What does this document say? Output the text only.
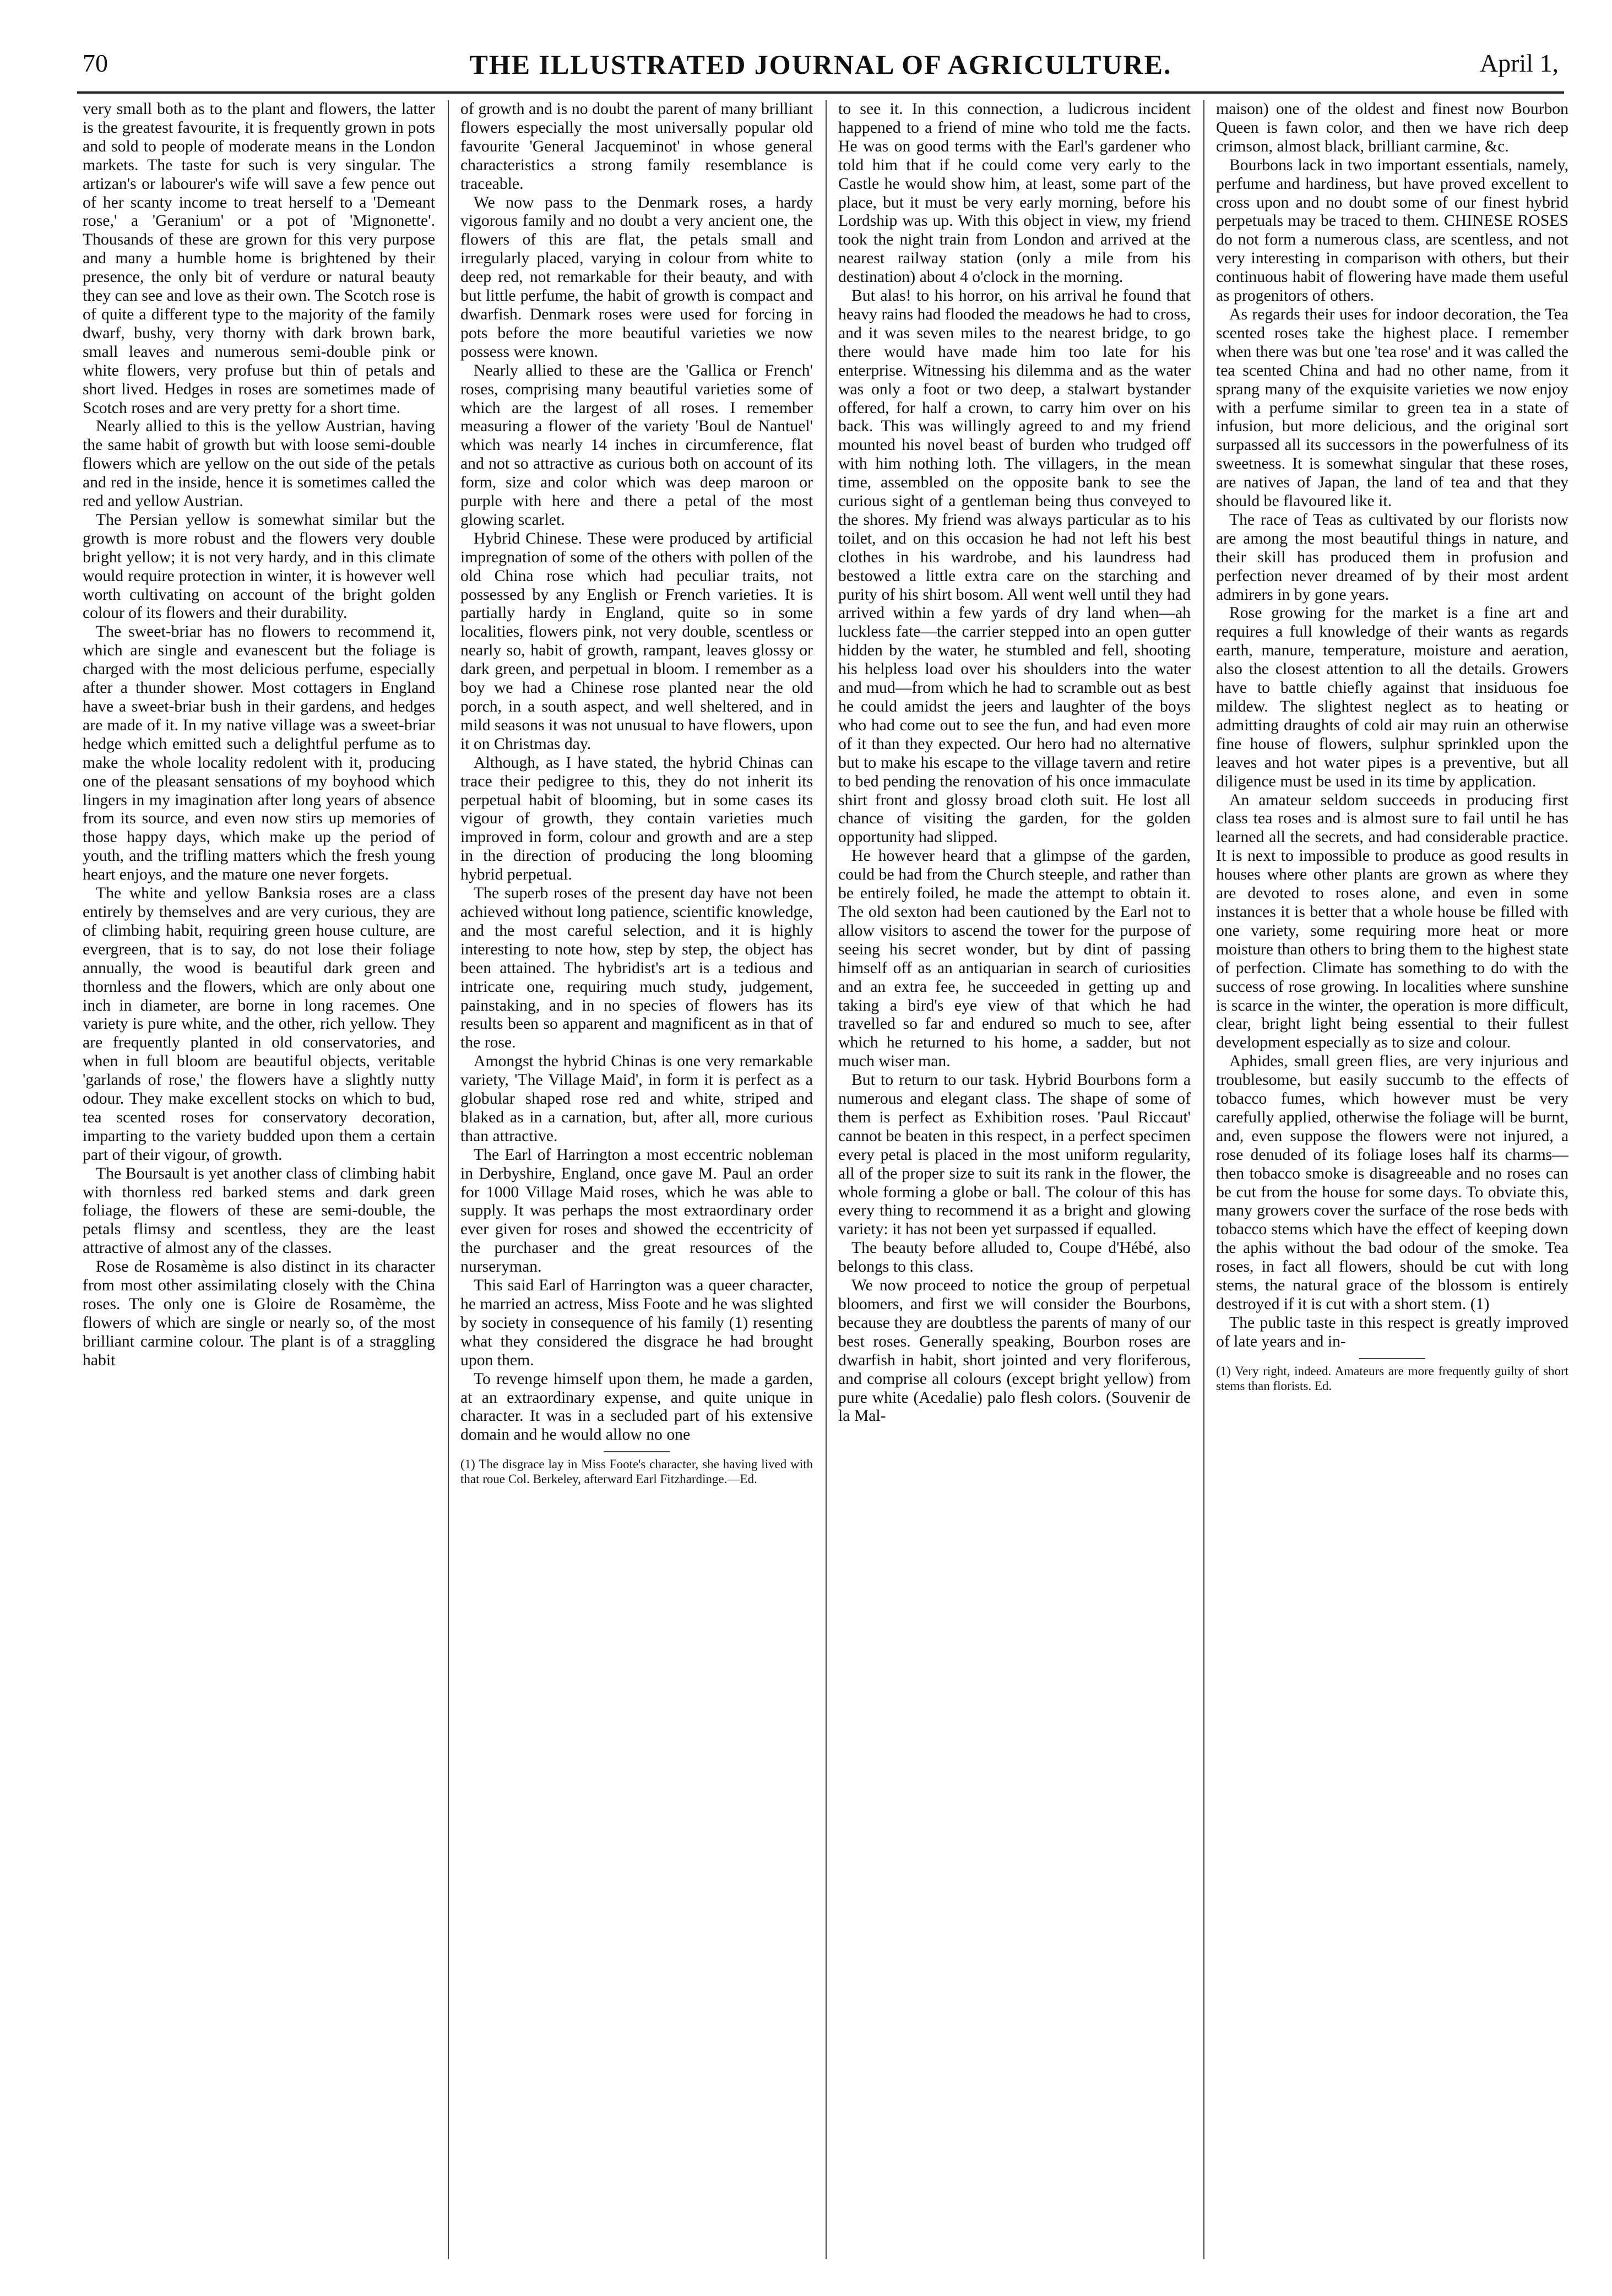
70	THE ILLUSTRATED JOURNAL OF AGRICULTURE.	April 1,

very small both as to the plant and flowers, the latter is the greatest favourite, it is frequently grown in pots and sold to people of moderate means in the London markets. The taste for such is very singular. The artizan's or labourer's wife will save a few pence out of her scanty income to treat herself to a 'Demeant rose,' a 'Geranium' or a pot of 'Mignonette'. Thousands of these are grown for this very purpose and many a humble home is brightened by their presence, the only bit of verdure or natural beauty they can see and love as their own. The Scotch rose is of quite a different type to the majority of the family dwarf, bushy, very thorny with dark brown bark, small leaves and numerous semi-double pink or white flowers, very profuse but thin of petals and short lived. Hedges in roses are sometimes made of Scotch roses and are very pretty for a short time.

Nearly allied to this is the yellow Austrian, having the same habit of growth but with loose semi-double flowers which are yellow on the out side of the petals and red in the inside, hence it is sometimes called the red and yellow Austrian.

The Persian yellow is somewhat similar but the growth is more robust and the flowers very double bright yellow; it is not very hardy, and in this climate would require protection in winter, it is however well worth cultivating on account of the bright golden colour of its flowers and their durability.

The sweet-briar has no flowers to recommend it, which are single and evanescent but the foliage is charged with the most delicious perfume, especially after a thunder shower. Most cottagers in England have a sweet-briar bush in their gardens, and hedges are made of it. In my native village was a sweet-briar hedge which emitted such a delightful perfume as to make the whole locality redolent with it, producing one of the pleasant sensations of my boyhood which lingers in my imagination after long years of absence from its source, and even now stirs up memories of those happy days, which make up the period of youth, and the trifling matters which the fresh young heart enjoys, and the mature one never forgets.

The white and yellow Banksia roses are a class entirely by themselves and are very curious, they are of climbing habit, requiring green house culture, are evergreen, that is to say, do not lose their foliage annually, the wood is beautiful dark green and thornless and the flowers, which are only about one inch in diameter, are borne in long racemes. One variety is pure white, and the other, rich yellow. They are frequently planted in old conservatories, and when in full bloom are beautiful objects, veritable 'garlands of rose,' the flowers have a slightly nutty odour. They make excellent stocks on which to bud, tea scented roses for conservatory decoration, imparting to the variety budded upon them a certain part of their vigour, of growth.

The Boursault is yet another class of climbing habit with thornless red barked stems and dark green foliage, the flowers of these are semi-double, the petals flimsy and scentless, they are the least attractive of almost any of the classes.

Rose de Rosamème is also distinct in its character from most other assimilating closely with the China roses. The only one is Gloire de Rosamème, the flowers of which are single or nearly so, of the most brilliant carmine colour. The plant is of a straggling habit

of growth and is no doubt the parent of many brilliant flowers especially the most universally popular old favourite 'General Jacqueminot' in whose general characteristics a strong family resemblance is traceable.

We now pass to the Denmark roses, a hardy vigorous family and no doubt a very ancient one, the flowers of this are flat, the petals small and irregularly placed, varying in colour from white to deep red, not remarkable for their beauty, and with but little perfume, the habit of growth is compact and dwarfish. Denmark roses were used for forcing in pots before the more beautiful varieties we now possess were known.

Nearly allied to these are the 'Gallica or French' roses, comprising many beautiful varieties some of which are the largest of all roses. I remember measuring a flower of the variety 'Boul de Nantuel' which was nearly 14 inches in circumference, flat and not so attractive as curious both on account of its form, size and color which was deep maroon or purple with here and there a petal of the most glowing scarlet.

Hybrid Chinese. These were produced by artificial impregnation of some of the others with pollen of the old China rose which had peculiar traits, not possessed by any English or French varieties. It is partially hardy in England, quite so in some localities, flowers pink, not very double, scentless or nearly so, habit of growth, rampant, leaves glossy or dark green, and perpetual in bloom. I remember as a boy we had a Chinese rose planted near the old porch, in a south aspect, and well sheltered, and in mild seasons it was not unusual to have flowers, upon it on Christmas day.

Although, as I have stated, the hybrid Chinas can trace their pedigree to this, they do not inherit its perpetual habit of blooming, but in some cases its vigour of growth, they contain varieties much improved in form, colour and growth and are a step in the direction of producing the long blooming hybrid perpetual.

The superb roses of the present day have not been achieved without long patience, scientific knowledge, and the most careful selection, and it is highly interesting to note how, step by step, the object has been attained. The hybridist's art is a tedious and intricate one, requiring much study, judgement, painstaking, and in no species of flowers has its results been so apparent and magnificent as in that of the rose.

Amongst the hybrid Chinas is one very remarkable variety, 'The Village Maid', in form it is perfect as a globular shaped rose red and white, striped and blaked as in a carnation, but, after all, more curious than attractive.

The Earl of Harrington a most eccentric nobleman in Derbyshire, England, once gave M. Paul an order for 1000 Village Maid roses, which he was able to supply. It was perhaps the most extraordinary order ever given for roses and showed the eccentricity of the purchaser and the great resources of the nurseryman.

This said Earl of Harrington was a queer character, he married an actress, Miss Foote and he was slighted by society in consequence of his family (1) resenting what they considered the disgrace he had brought upon them.

To revenge himself upon them, he made a garden, at an extraordinary expense, and quite unique in character. It was in a secluded part of his extensive domain and he would allow no one

(1) The disgrace lay in Miss Foote's character, she having lived with that roue Col. Berkeley, afterward Earl Fitzhardinge.—Ed.

to see it. In this connection, a ludicrous incident happened to a friend of mine who told me the facts. He was on good terms with the Earl's gardener who told him that if he could come very early to the Castle he would show him, at least, some part of the place, but it must be very early morning, before his Lordship was up. With this object in view, my friend took the night train from London and arrived at the nearest railway station (only a mile from his destination) about 4 o'clock in the morning.

But alas! to his horror, on his arrival he found that heavy rains had flooded the meadows he had to cross, and it was seven miles to the nearest bridge, to go there would have made him too late for his enterprise. Witnessing his dilemma and as the water was only a foot or two deep, a stalwart bystander offered, for half a crown, to carry him over on his back. This was willingly agreed to and my friend mounted his novel beast of burden who trudged off with him nothing loth. The villagers, in the mean time, assembled on the opposite bank to see the curious sight of a gentleman being thus conveyed to the shores. My friend was always particular as to his toilet, and on this occasion he had not left his best clothes in his wardrobe, and his laundress had bestowed a little extra care on the starching and purity of his shirt bosom. All went well until they had arrived within a few yards of dry land when—ah luckless fate—the carrier stepped into an open gutter hidden by the water, he stumbled and fell, shooting his helpless load over his shoulders into the water and mud—from which he had to scramble out as best he could amidst the jeers and laughter of the boys who had come out to see the fun, and had even more of it than they expected. Our hero had no alternative but to make his escape to the village tavern and retire to bed pending the renovation of his once immaculate shirt front and glossy broad cloth suit. He lost all chance of visiting the garden, for the golden opportunity had slipped.

He however heard that a glimpse of the garden, could be had from the Church steeple, and rather than be entirely foiled, he made the attempt to obtain it. The old sexton had been cautioned by the Earl not to allow visitors to ascend the tower for the purpose of seeing his secret wonder, but by dint of passing himself off as an antiquarian in search of curiosities and an extra fee, he succeeded in getting up and taking a bird's eye view of that which he had travelled so far and endured so much to see, after which he returned to his home, a sadder, but not much wiser man.

But to return to our task. Hybrid Bourbons form a numerous and elegant class. The shape of some of them is perfect as Exhibition roses. 'Paul Riccaut' cannot be beaten in this respect, in a perfect specimen every petal is placed in the most uniform regularity, all of the proper size to suit its rank in the flower, the whole forming a globe or ball. The colour of this has every thing to recommend it as a bright and glowing variety: it has not been yet surpassed if equalled.

The beauty before alluded to, Coupe d'Hébé, also belongs to this class.

We now proceed to notice the group of perpetual bloomers, and first we will consider the Bourbons, because they are doubtless the parents of many of our best roses. Generally speaking, Bourbon roses are dwarfish in habit, short jointed and very floriferous, and comprise all colours (except bright yellow) from pure white (Acedalie) palo flesh colors. (Souvenir de la Mal-

maison) one of the oldest and finest now Bourbon Queen is fawn color, and then we have rich deep crimson, almost black, brilliant carmine, &c.

Bourbons lack in two important essentials, namely, perfume and hardiness, but have proved excellent to cross upon and no doubt some of our finest hybrid perpetuals may be traced to them. CHINESE ROSES do not form a numerous class, are scentless, and not very interesting in comparison with others, but their continuous habit of flowering have made them useful as progenitors of others.

As regards their uses for indoor decoration, the Tea scented roses take the highest place. I remember when there was but one 'tea rose' and it was called the tea scented China and had no other name, from it sprang many of the exquisite varieties we now enjoy with a perfume similar to green tea in a state of infusion, but more delicious, and the original sort surpassed all its successors in the powerfulness of its sweetness. It is somewhat singular that these roses, are natives of Japan, the land of tea and that they should be flavoured like it.

The race of Teas as cultivated by our florists now are among the most beautiful things in nature, and their skill has produced them in profusion and perfection never dreamed of by their most ardent admirers in by gone years.

Rose growing for the market is a fine art and requires a full knowledge of their wants as regards earth, manure, temperature, moisture and aeration, also the closest attention to all the details. Growers have to battle chiefly against that insiduous foe mildew. The slightest neglect as to heating or admitting draughts of cold air may ruin an otherwise fine house of flowers, sulphur sprinkled upon the leaves and hot water pipes is a preventive, but all diligence must be used in its time by application.

An amateur seldom succeeds in producing first class tea roses and is almost sure to fail until he has learned all the secrets, and had considerable practice. It is next to impossible to produce as good results in houses where other plants are grown as where they are devoted to roses alone, and even in some instances it is better that a whole house be filled with one variety, some requiring more heat or more moisture than others to bring them to the highest state of perfection. Climate has something to do with the success of rose growing. In localities where sunshine is scarce in the winter, the operation is more difficult, clear, bright light being essential to their fullest development especially as to size and colour.

Aphides, small green flies, are very injurious and troublesome, but easily succumb to the effects of tobacco fumes, which however must be very carefully applied, otherwise the foliage will be burnt, and, even suppose the flowers were not injured, a rose denuded of its foliage loses half its charms—then tobacco smoke is disagreeable and no roses can be cut from the house for some days. To obviate this, many growers cover the surface of the rose beds with tobacco stems which have the effect of keeping down the aphis without the bad odour of the smoke. Tea roses, in fact all flowers, should be cut with long stems, the natural grace of the blossom is entirely destroyed if it is cut with a short stem. (1)

The public taste in this respect is greatly improved of late years and in-

(1) Very right, indeed. Amateurs are more frequently guilty of short stems than florists. Ed.
